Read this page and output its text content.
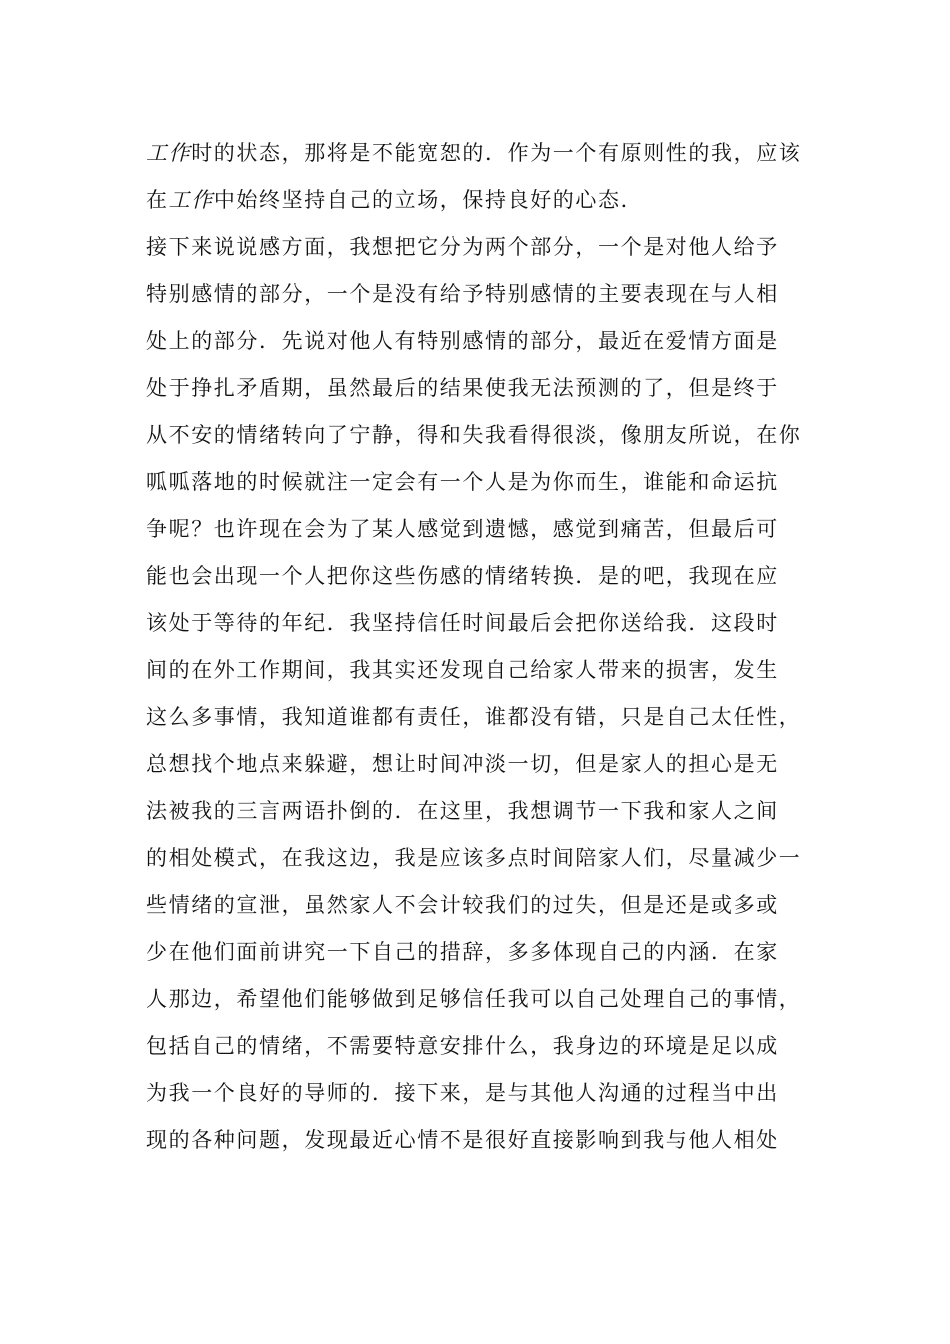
工作时的状态，那将是不能宽恕的．作为一个有原则性的我，应该
在工作中始终坚持自己的立场，保持良好的心态．
接下来说说感方面，我想把它分为两个部分，一个是对他人给予
特别感情的部分，一个是没有给予特别感情的主要表现在与人相
处上的部分．先说对他人有特别感情的部分，最近在爱情方面是
处于挣扎矛盾期，虽然最后的结果使我无法预测的了，但是终于
从不安的情绪转向了宁静，得和失我看得很淡，像朋友所说，在你
呱呱落地的时候就注一定会有一个人是为你而生，谁能和命运抗
争呢？也许现在会为了某人感觉到遗憾，感觉到痛苦，但最后可
能也会出现一个人把你这些伤感的情绪转换．是的吧，我现在应
该处于等待的年纪．我坚持信任时间最后会把你送给我．这段时
间的在外工作期间，我其实还发现自己给家人带来的损害，发生
这么多事情，我知道谁都有责任，谁都没有错，只是自己太任性，
总想找个地点来躲避，想让时间冲淡一切，但是家人的担心是无
法被我的三言两语扑倒的．在这里，我想调节一下我和家人之间
的相处模式，在我这边，我是应该多点时间陪家人们，尽量减少一
些情绪的宣泄，虽然家人不会计较我们的过失，但是还是或多或
少在他们面前讲究一下自己的措辞，多多体现自己的内涵．在家
人那边，希望他们能够做到足够信任我可以自己处理自己的事情，
包括自己的情绪，不需要特意安排什么，我身边的环境是足以成
为我一个良好的导师的．接下来，是与其他人沟通的过程当中出
现的各种问题，发现最近心情不是很好直接影响到我与他人相处
